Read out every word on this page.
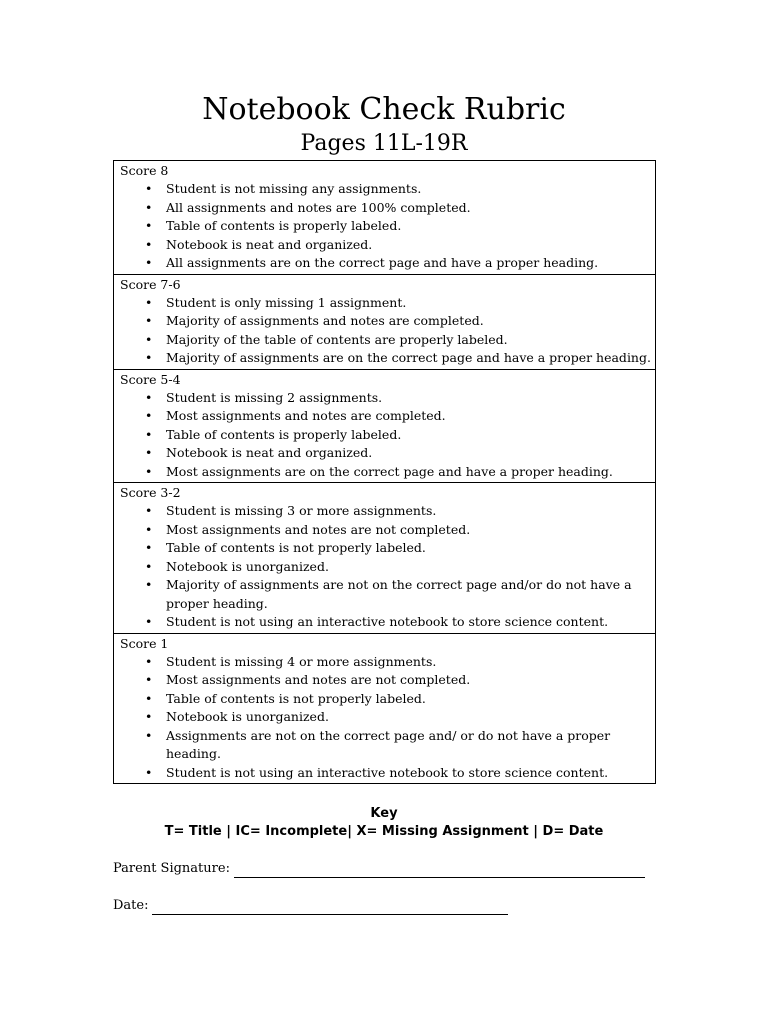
Notebook Check Rubric
Pages 11L-19R
Score 8
• Student is not missing any assignments.
• All assignments and notes are 100% completed.
• Table of contents is properly labeled.
• Notebook is neat and organized.
• All assignments are on the correct page and have a proper heading.

Score 7-6
• Student is only missing 1 assignment.
• Majority of assignments and notes are completed.
• Majority of the table of contents are properly labeled.
• Majority of assignments are on the correct page and have a proper heading.

Score 5-4
• Student is missing 2 assignments.
• Most assignments and notes are completed.
• Table of contents is properly labeled.
• Notebook is neat and organized.
• Most assignments are on the correct page and have a proper heading.

Score 3-2
• Student is missing 3 or more assignments.
• Most assignments and notes are not completed.
• Table of contents is not properly labeled.
• Notebook is unorganized.
• Majority of assignments are not on the correct page and/or do not have a proper heading.
• Student is not using an interactive notebook to store science content.

Score 1
• Student is missing 4 or more assignments.
• Most assignments and notes are not completed.
• Table of contents is not properly labeled.
• Notebook is unorganized.
• Assignments are not on the correct page and/ or do not have a proper heading.
• Student is not using an interactive notebook to store science content.
Key
T= Title | IC= Incomplete| X= Missing Assignment | D= Date
Parent Signature:
Date:
